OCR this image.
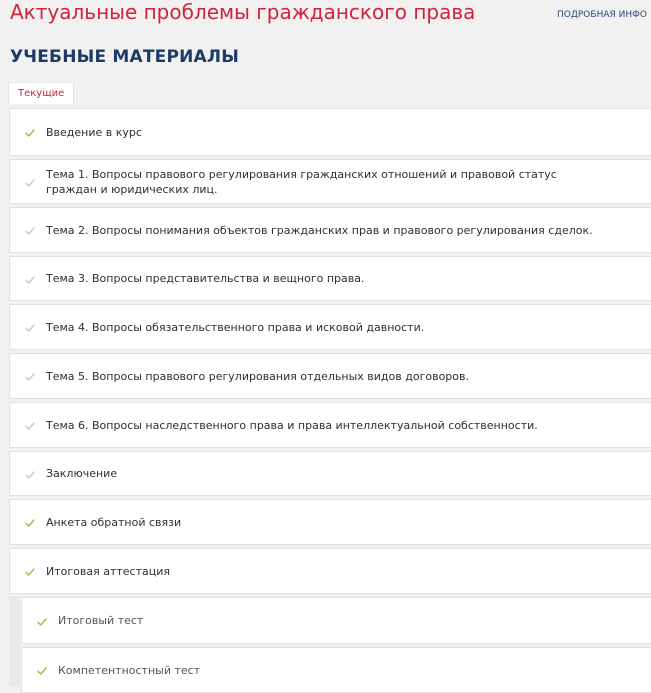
Актуальные проблемы гражданского права	ПОДРОБНАЯ ИНФО
УЧЕБНЫЕ МАТЕРИАЛЫ
Текущие
Введение в курс
Тема 1. Вопросы правового регулирования гражданских отношений и правовой статус граждан и юридических лиц.
Тема 2. Вопросы понимания объектов гражданских прав и правового регулирования сделок.
Тема 3. Вопросы представительства и вещного права.
Тема 4. Вопросы обязательственного права и исковой давности.
Тема 5. Вопросы правового регулирования отдельных видов договоров.
Тема 6. Вопросы наследственного права и права интеллектуальной собственности.
Заключение
Анкета обратной связи
Итоговая аттестация
Итоговый тест
Компетентностный тест
